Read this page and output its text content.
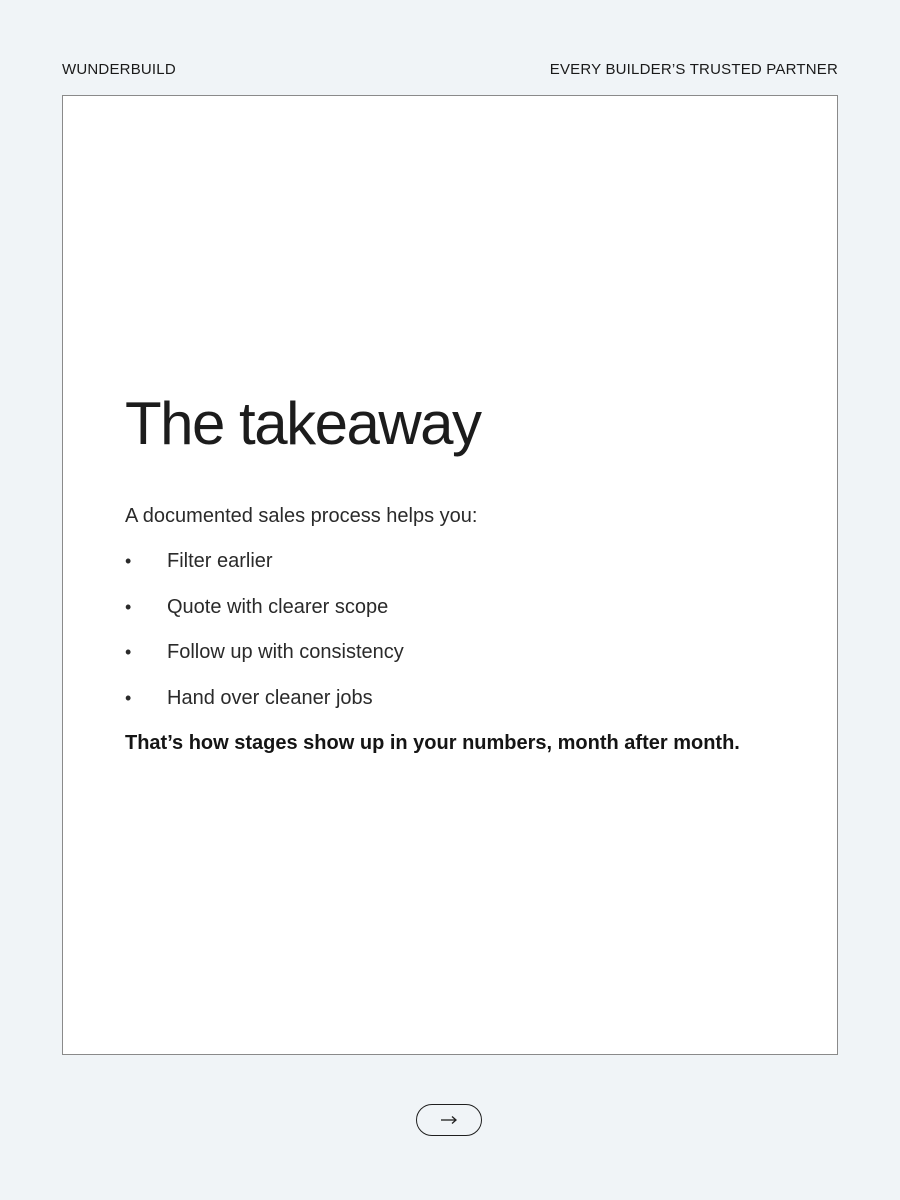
WUNDERBUILD	EVERY BUILDER’S TRUSTED PARTNER
The takeaway

A documented sales process helps you:

• Filter earlier
• Quote with clearer scope
• Follow up with consistency
• Hand over cleaner jobs

That’s how stages show up in your numbers, month after month.
